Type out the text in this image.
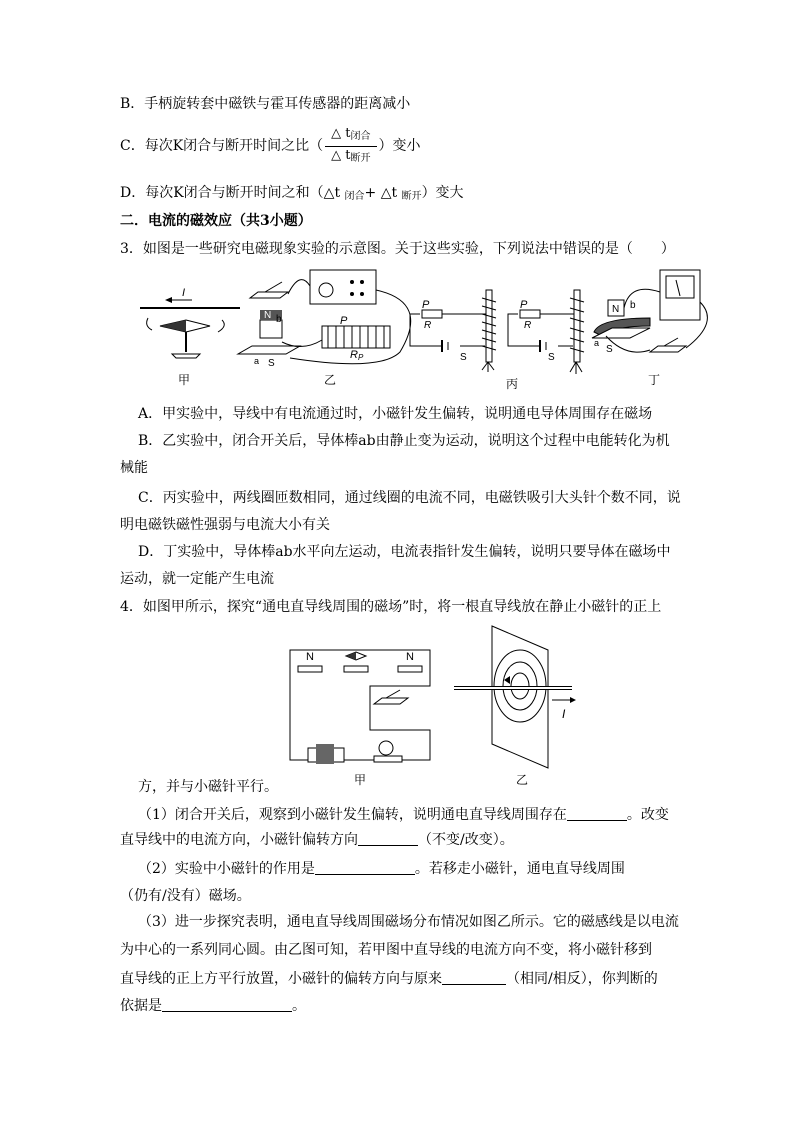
B．手柄旋转套中磁铁与霍耳传感器的距离减小
C．每次K闭合与断开时间之比（ $\frac{\triangle t_{闭合}}{\triangle t_{断开}}$ ）变小
D．每次K闭合与断开时间之和（△t $_{闭合}$+ △t $_{断开}$）变大
二．电流的磁效应（共3小题）
3．如图是一些研究电磁现象实验的示意图。关于这些实验，下列说法中错误的是（　　）
I
甲
N b
S
a
P
R P
乙
P
R
S
P
R
S
丙
N b
a
S
丁
A．甲实验中，导线中有电流通过时，小磁针发生偏转，说明通电导体周围存在磁场
B．乙实验中，闭合开关后，导体棒ab由静止变为运动，说明这个过程中电能转化为机
械能
C．丙实验中，两线圈匝数相同，通过线圈的电流不同，电磁铁吸引大头针个数不同，说
明电磁铁磁性强弱与电流大小有关
D．丁实验中，导体棒ab水平向左运动，电流表指针发生偏转，说明只要导体在磁场中
运动，就一定能产生电流
4．如图甲所示，探究“通电直导线周围的磁场”时，将一根直导线放在静止小磁针的正上
N	N
甲
I
乙
方，并与小磁针平行。
（1）闭合开关后，观察到小磁针发生偏转，说明通电直导线周围存在	。改变
直导线中的电流方向，小磁针偏转方向	（不变/改变）。
（2）实验中小磁针的作用是	。若移走小磁针，通电直导线周围
（仍有/没有）磁场。
（3）进一步探究表明，通电直导线周围磁场分布情况如图乙所示。它的磁感线是以电流
为中心的一系列同心圆。由乙图可知，若甲图中直导线的电流方向不变，将小磁针移到
直导线的正上方平行放置，小磁针的偏转方向与原来	（相同/相反），你判断的
依据是	。
